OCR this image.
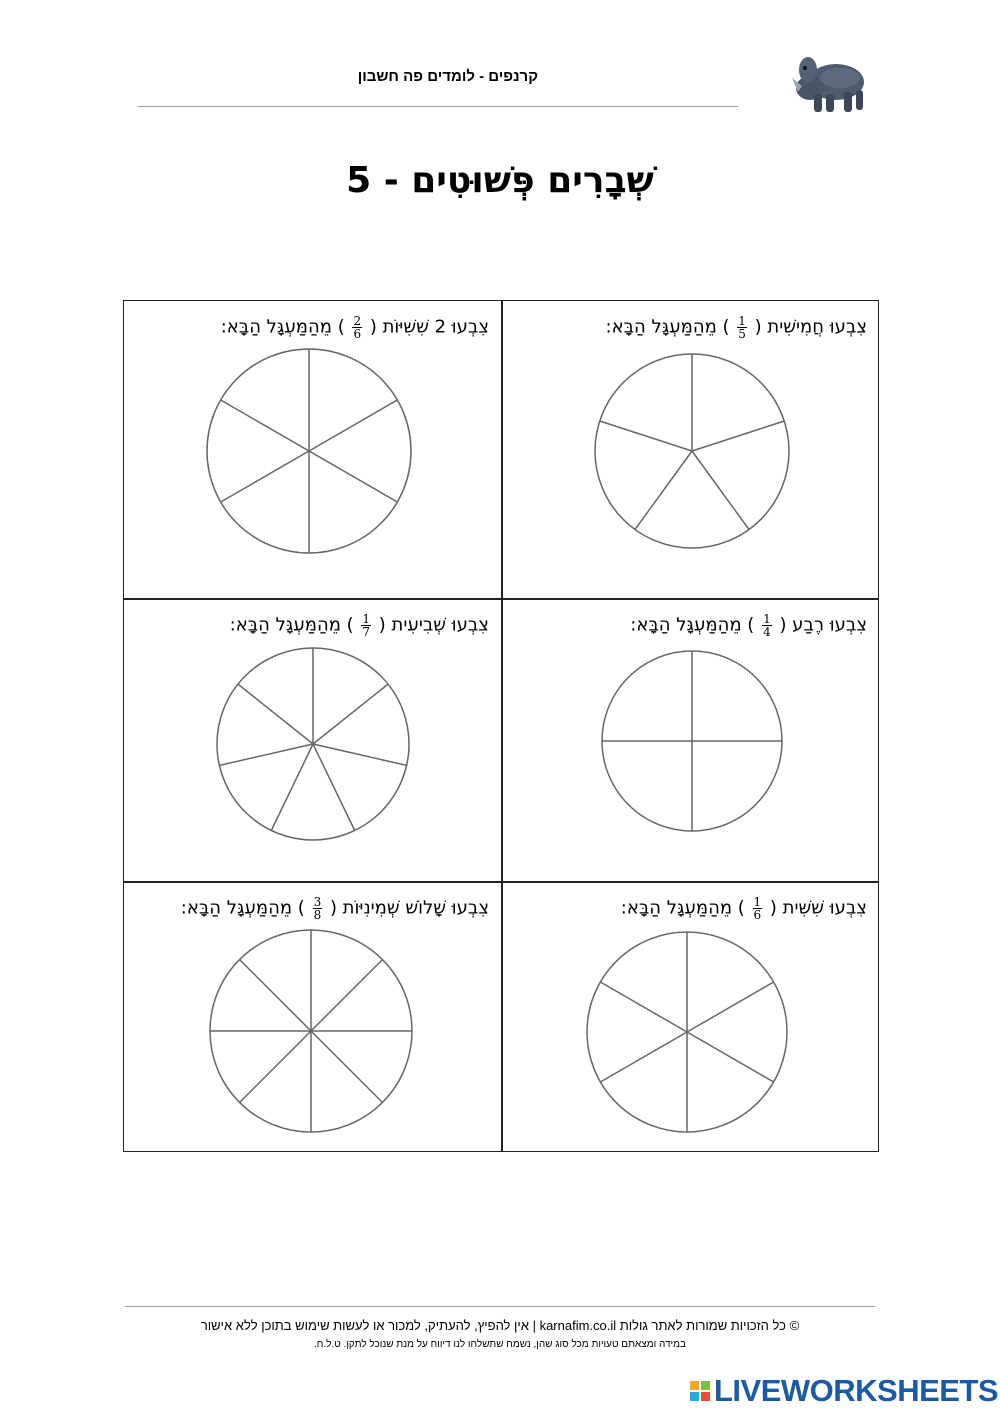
קרנפים - לומדים פה חשבון
שְׁבָרִים פְּשׁוּטִים - 5
צִבְעוּ חֲמִישִׁית (
$\frac{1}{5}$
) מֵהַמַּעְגָּל הַבָּא:
צִבְעוּ 2 שִׁשִּׁיּוֹת (
$\frac{2}{6}$
) מֵהַמַּעְגָּל הַבָּא:
צִבְעוּ רֶבַע (
$\frac{1}{4}$
) מֵהַמַּעְגָּל הַבָּא:
צִבְעוּ שְׁבִיעִית (
$\frac{1}{7}$
) מֵהַמַּעְגָּל הַבָּא:
צִבְעוּ שִׁשִּׁית (
$\frac{1}{6}$
) מֵהַמַּעְגָּל הַבָּא:
צִבְעוּ שָׁלוֹשׁ שְׁמִינִיּוֹת (
$\frac{3}{8}$
) מֵהַמַּעְגָּל הַבָּא:
© כל הזכויות שמורות לאתר גולות karnafim.co.il | אין להפיץ, להעתיק, למכור או לעשות שימוש בתוכן ללא אישור
במידה ומצאתם טעויות מכל סוג שהן, נשמח שתשלחו לנו דיווח על מנת שנוכל לתקן. ט.ל.ח.
LIVEWORKSHEETS
